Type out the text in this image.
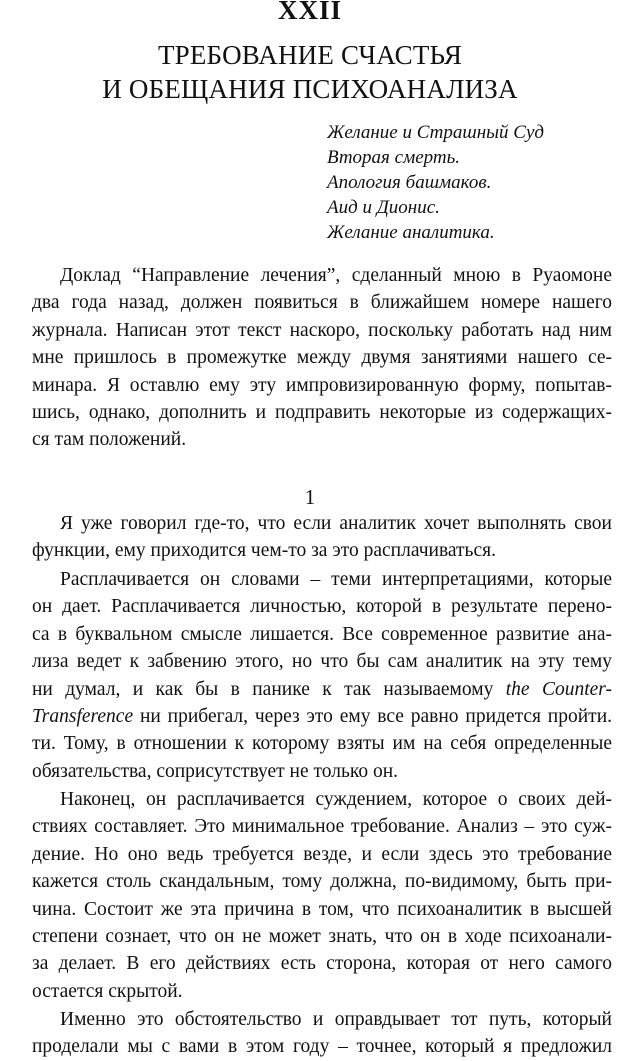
XXII
ТРЕБОВАНИЕ СЧАСТЬЯ
И ОБЕЩАНИЯ ПСИХОАНАЛИЗА
Желание и Страшный Суд
Вторая смерть.
Апология башмаков.
Аид и Дионис.
Желание аналитика.
Доклад “Направление лечения”, сделанный мною в Руаомоне
два года назад, должен появиться в ближайшем номере нашего
журнала. Написан этот текст наскоро, поскольку работать над ним
мне пришлось в промежутке между двумя занятиями нашего се-
минара. Я оставлю ему эту импровизированную форму, попытав-
шись, однако, дополнить и подправить некоторые из содержащих-
ся там положений.
1
Я уже говорил где-то, что если аналитик хочет выполнять свои
функции, ему приходится чем-то за это расплачиваться.
Расплачивается он словами – теми интерпретациями, которые
он дает. Расплачивается личностью, которой в результате перено-
са в буквальном смысле лишается. Все современное развитие ана-
лиза ведет к забвению этого, но что бы сам аналитик на эту тему
ни думал, и как бы в панике к так называемому the Counter-
Transference ни прибегал, через это ему все равно придется пройти.
ти. Тому, в отношении к которому взяты им на себя определенные
обязательства, соприсутствует не только он.
Наконец, он расплачивается суждением, которое о своих дей-
ствиях составляет. Это минимальное требование. Анализ – это суж-
дение. Но оно ведь требуется везде, и если здесь это требование
кажется столь скандальным, тому должна, по-видимому, быть при-
чина. Состоит же эта причина в том, что психоаналитик в высшей
степени сознает, что он не может знать, что он в ходе психоанали-
за делает. В его действиях есть сторона, которая от него самого
остается скрытой.
Именно это обстоятельство и оправдывает тот путь, который
проделали мы с вами в этом году – точнее, который я предложил
